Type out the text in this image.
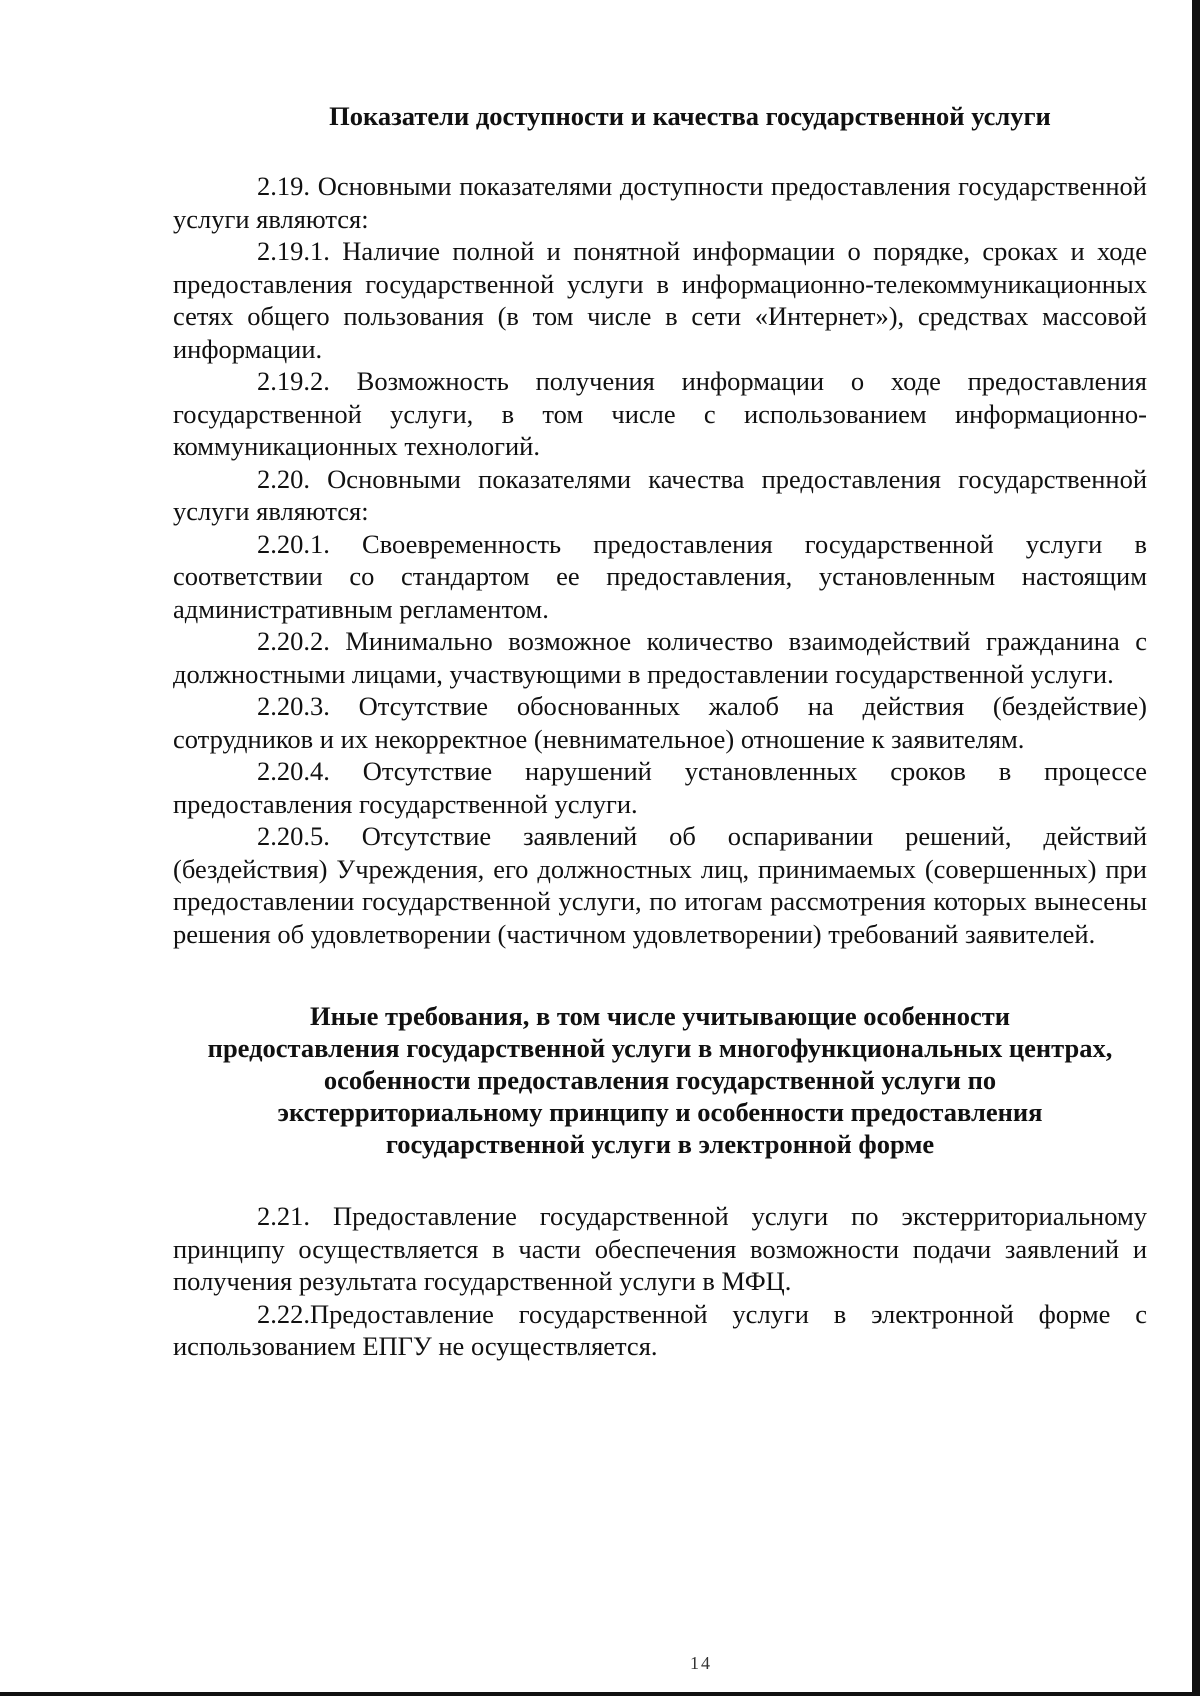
Показатели доступности и качества государственной услуги

2.19. Основными показателями доступности предоставления государственной услуги являются:

2.19.1. Наличие полной и понятной информации о порядке, сроках и ходе предоставления государственной услуги в информационно-телекоммуникационных сетях общего пользования (в том числе в сети «Интернет»), средствах массовой информации.

2.19.2. Возможность получения информации о ходе предоставления государственной услуги, в том числе с использованием информационно-коммуникационных технологий.

2.20. Основными показателями качества предоставления государственной услуги являются:

2.20.1. Своевременность предоставления государственной услуги в соответствии со стандартом ее предоставления, установленным настоящим административным регламентом.

2.20.2. Минимально возможное количество взаимодействий гражданина с должностными лицами, участвующими в предоставлении государственной услуги.

2.20.3. Отсутствие обоснованных жалоб на действия (бездействие) сотрудников и их некорректное (невнимательное) отношение к заявителям.

2.20.4. Отсутствие нарушений установленных сроков в процессе предоставления государственной услуги.

2.20.5. Отсутствие заявлений об оспаривании решений, действий (бездействия) Учреждения, его должностных лиц, принимаемых (совершенных) при предоставлении государственной услуги, по итогам рассмотрения которых вынесены решения об удовлетворении (частичном удовлетворении) требований заявителей.

Иные требования, в том числе учитывающие особенности
предоставления государственной услуги в многофункциональных центрах,
особенности предоставления государственной услуги по
экстерриториальному принципу и особенности предоставления
государственной услуги в электронной форме

2.21. Предоставление государственной услуги по экстерриториальному принципу осуществляется в части обеспечения возможности подачи заявлений и получения результата государственной услуги в МФЦ.

2.22.Предоставление государственной услуги в электронной форме с использованием ЕПГУ не осуществляется.

14
